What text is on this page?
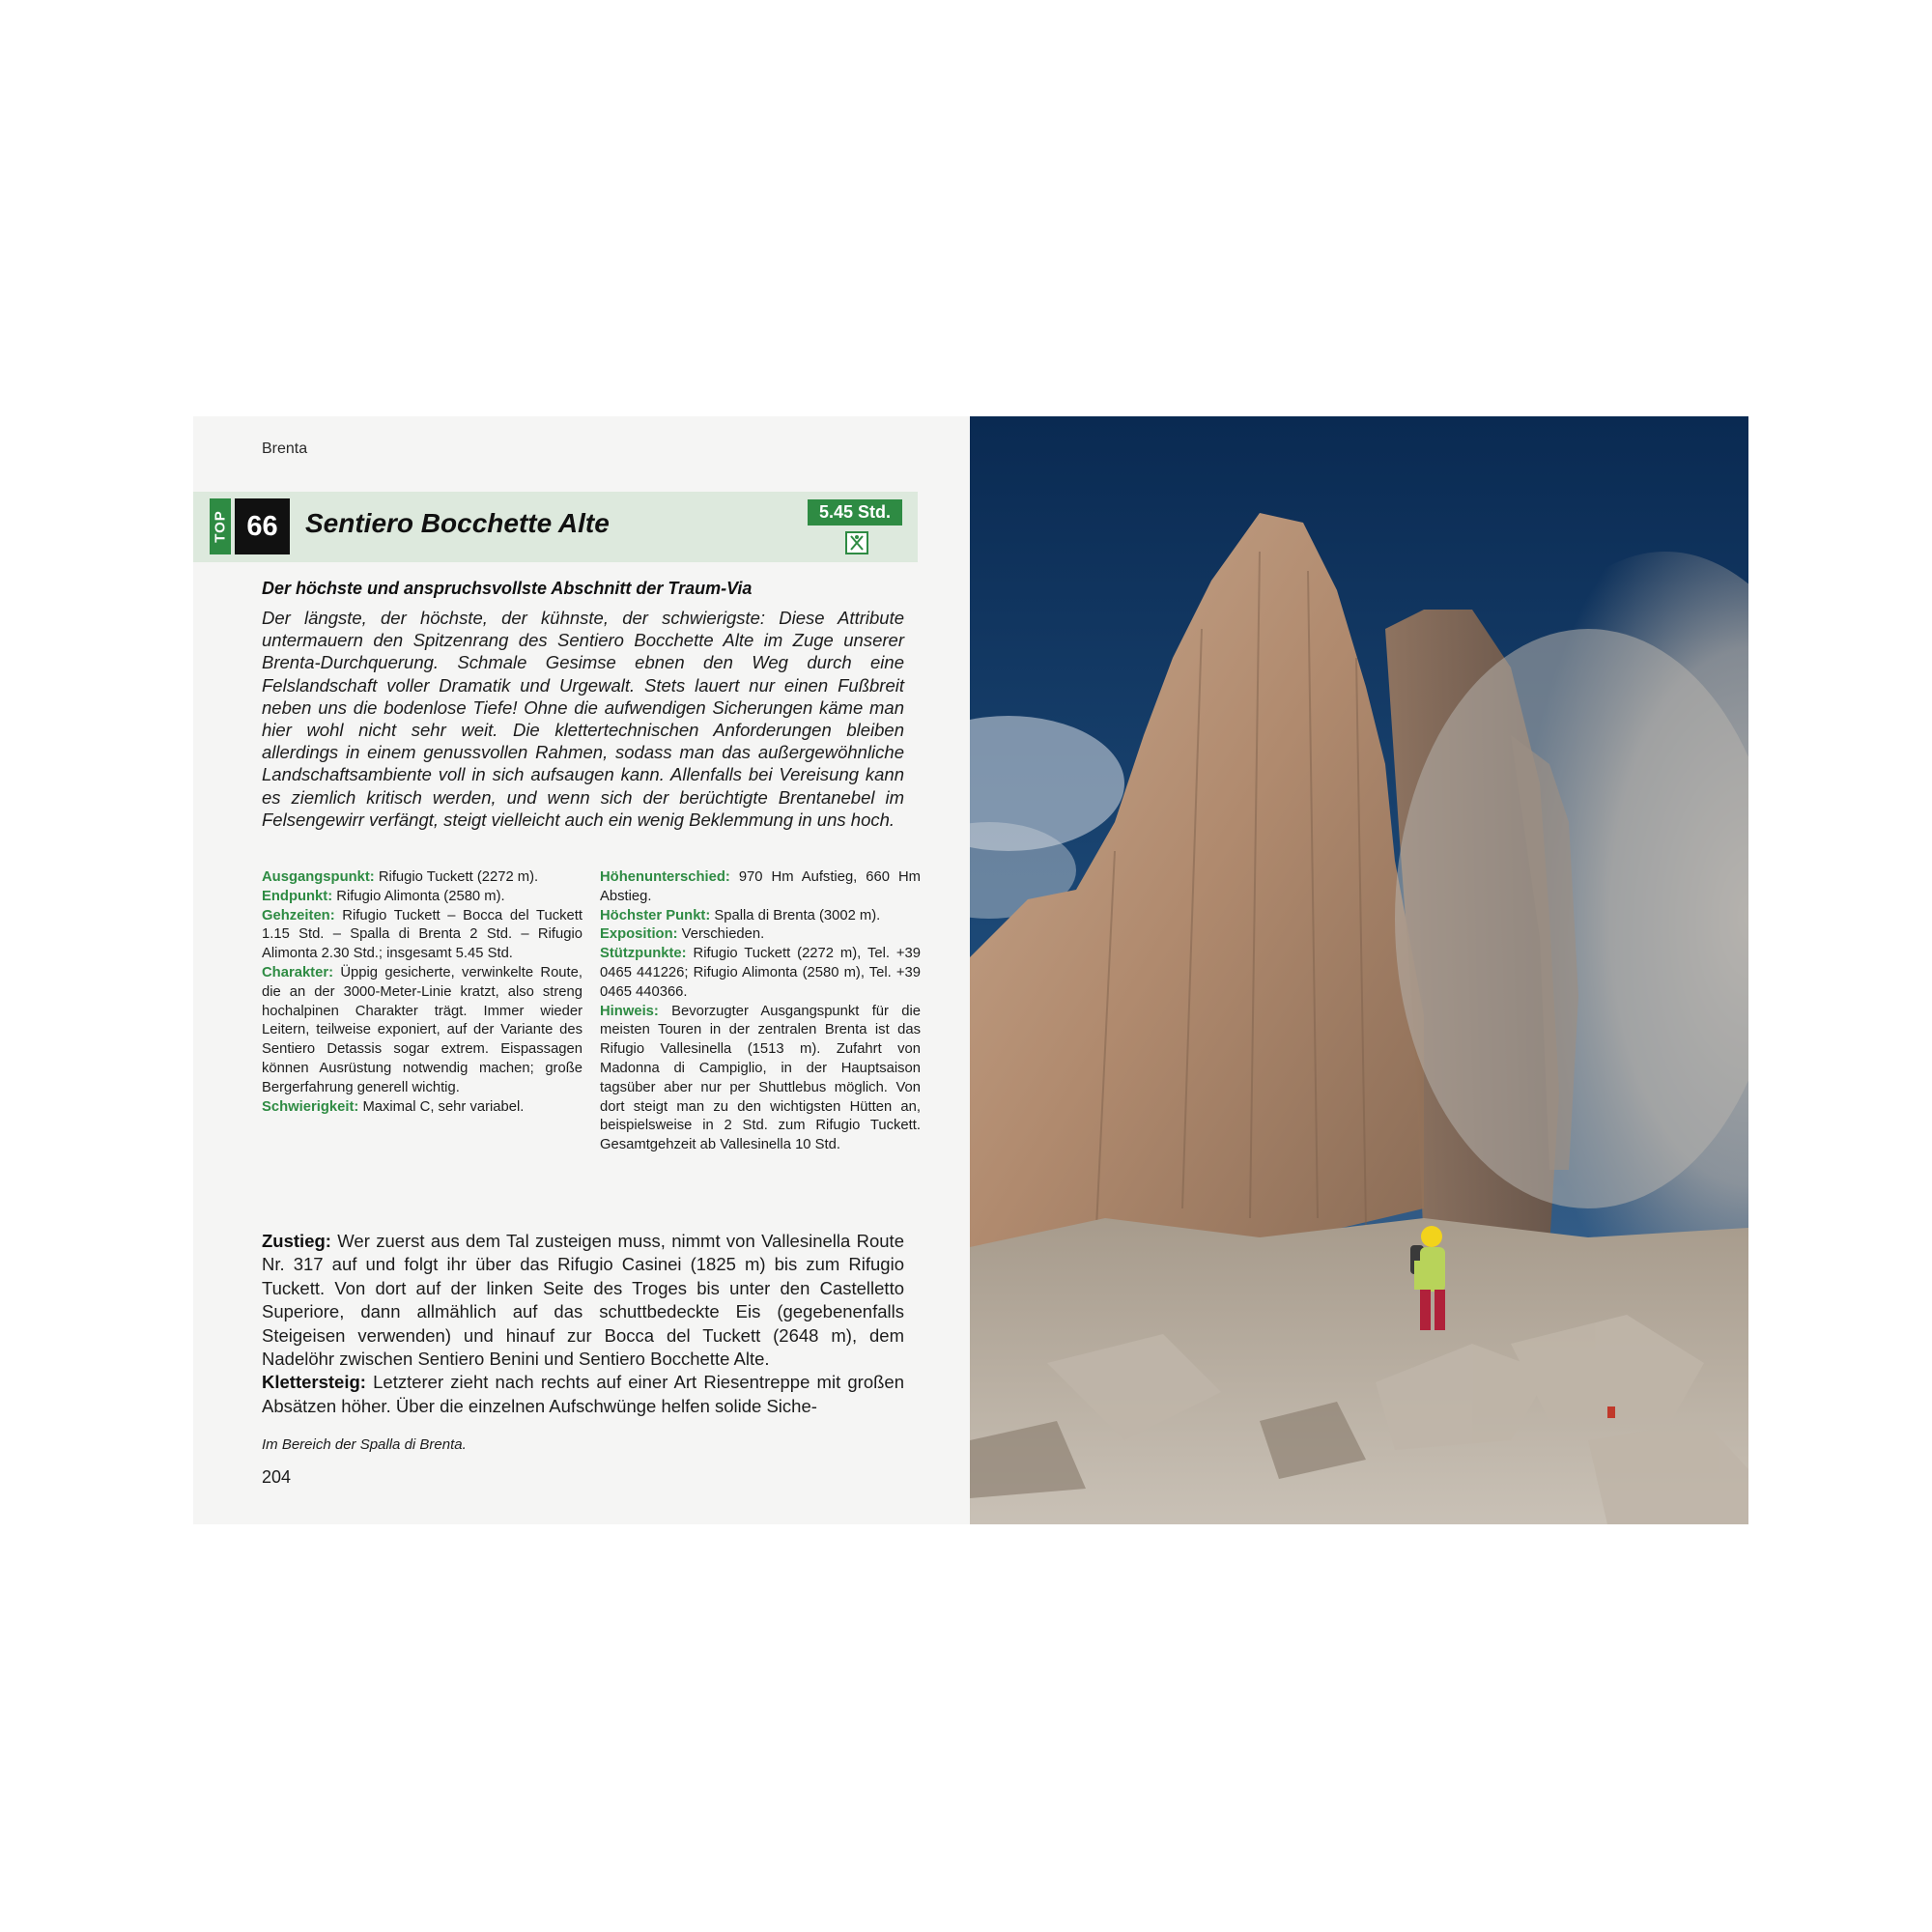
Brenta
TOP 66	Sentiero Bocchette Alte	5.45 Std.
Der höchste und anspruchsvollste Abschnitt der Traum-Via
Der längste, der höchste, der kühnste, der schwierigste: Diese Attribute untermauern den Spitzenrang des Sentiero Bocchette Alte im Zuge unserer Brenta-Durchquerung. Schmale Gesimse ebnen den Weg durch eine Felslandschaft voller Dramatik und Urgewalt. Stets lauert nur einen Fußbreit neben uns die bodenlose Tiefe! Ohne die aufwendigen Sicherungen käme man hier wohl nicht sehr weit. Die klettertechnischen Anforderungen bleiben allerdings in einem genussvollen Rahmen, sodass man das außergewöhnliche Landschaftsambiente voll in sich aufsaugen kann. Allenfalls bei Vereisung kann es ziemlich kritisch werden, und wenn sich der berüchtigte Brentanebel im Felsengewirr verfängt, steigt vielleicht auch ein wenig Beklemmung in uns hoch.

Ausgangspunkt: Rifugio Tuckett (2272 m).

Endpunkt: Rifugio Alimonta (2580 m).

Gehzeiten: Rifugio Tuckett – Bocca del Tuckett 1.15 Std. – Spalla di Brenta 2 Std. – Rifugio Alimonta 2.30 Std.; insgesamt 5.45 Std.

Charakter: Üppig gesicherte, verwinkelte Route, die an der 3000-Meter-Linie kratzt, also streng hochalpinen Charakter trägt. Immer wieder Leitern, teilweise exponiert, auf der Variante des Sentiero Detassis sogar extrem. Eispassagen können Ausrüstung notwendig machen; große Bergerfahrung generell wichtig.

Schwierigkeit: Maximal C, sehr variabel.

Höhenunterschied: 970 Hm Aufstieg, 660 Hm Abstieg.

Höchster Punkt: Spalla di Brenta (3002 m).

Exposition: Verschieden.

Stützpunkte: Rifugio Tuckett (2272 m), Tel. +39 0465 441226; Rifugio Alimonta (2580 m), Tel. +39 0465 440366.

Hinweis: Bevorzugter Ausgangspunkt für die meisten Touren in der zentralen Brenta ist das Rifugio Vallesinella (1513 m). Zufahrt von Madonna di Campiglio, in der Hauptsaison tagsüber aber nur per Shuttlebus möglich. Von dort steigt man zu den wichtigsten Hütten an, beispielsweise in 2 Std. zum Rifugio Tuckett. Gesamtgehzeit ab Vallesinella 10 Std.

Zustieg: Wer zuerst aus dem Tal zusteigen muss, nimmt von Vallesinella Route Nr. 317 auf und folgt ihr über das Rifugio Casinei (1825 m) bis zum Rifugio Tuckett. Von dort auf der linken Seite des Troges bis unter den Castelletto Superiore, dann allmählich auf das schuttbedeckte Eis (gegebenenfalls Steigeisen verwenden) und hinauf zur Bocca del Tuckett (2648 m), dem Nadelöhr zwischen Sentiero Benini und Sentiero Bocchette Alte.

Klettersteig: Letzterer zieht nach rechts auf einer Art Riesentreppe mit großen Absätzen höher. Über die einzelnen Aufschwünge helfen solide Siche-

Im Bereich der Spalla di Brenta.
204
